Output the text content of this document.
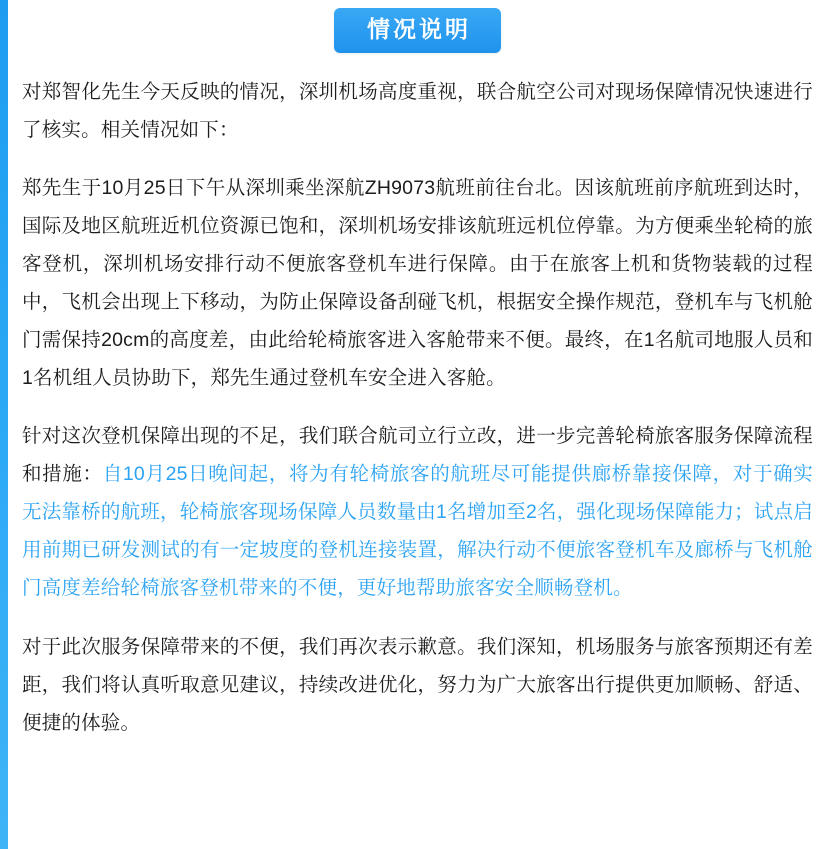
情况说明

对郑智化先生今天反映的情况，深圳机场高度重视，联合航空公司对现场保障情况快速进行了核实。相关情况如下：

郑先生于10月25日下午从深圳乘坐深航ZH9073航班前往台北。因该航班前序航班到达时，国际及地区航班近机位资源已饱和，深圳机场安排该航班远机位停靠。为方便乘坐轮椅的旅客登机，深圳机场安排行动不便旅客登机车进行保障。由于在旅客上机和货物装载的过程中，飞机会出现上下移动，为防止保障设备刮碰飞机，根据安全操作规范，登机车与飞机舱门需保持20cm的高度差，由此给轮椅旅客进入客舱带来不便。最终，在1名航司地服人员和1名机组人员协助下，郑先生通过登机车安全进入客舱。

针对这次登机保障出现的不足，我们联合航司立行立改，进一步完善轮椅旅客服务保障流程和措施：自10月25日晚间起，将为有轮椅旅客的航班尽可能提供廊桥靠接保障，对于确实无法靠桥的航班，轮椅旅客现场保障人员数量由1名增加至2名，强化现场保障能力；试点启用前期已研发测试的有一定坡度的登机连接装置，解决行动不便旅客登机车及廊桥与飞机舱门高度差给轮椅旅客登机带来的不便，更好地帮助旅客安全顺畅登机。

对于此次服务保障带来的不便，我们再次表示歉意。我们深知，机场服务与旅客预期还有差距，我们将认真听取意见建议，持续改进优化，努力为广大旅客出行提供更加顺畅、舒适、便捷的体验。
